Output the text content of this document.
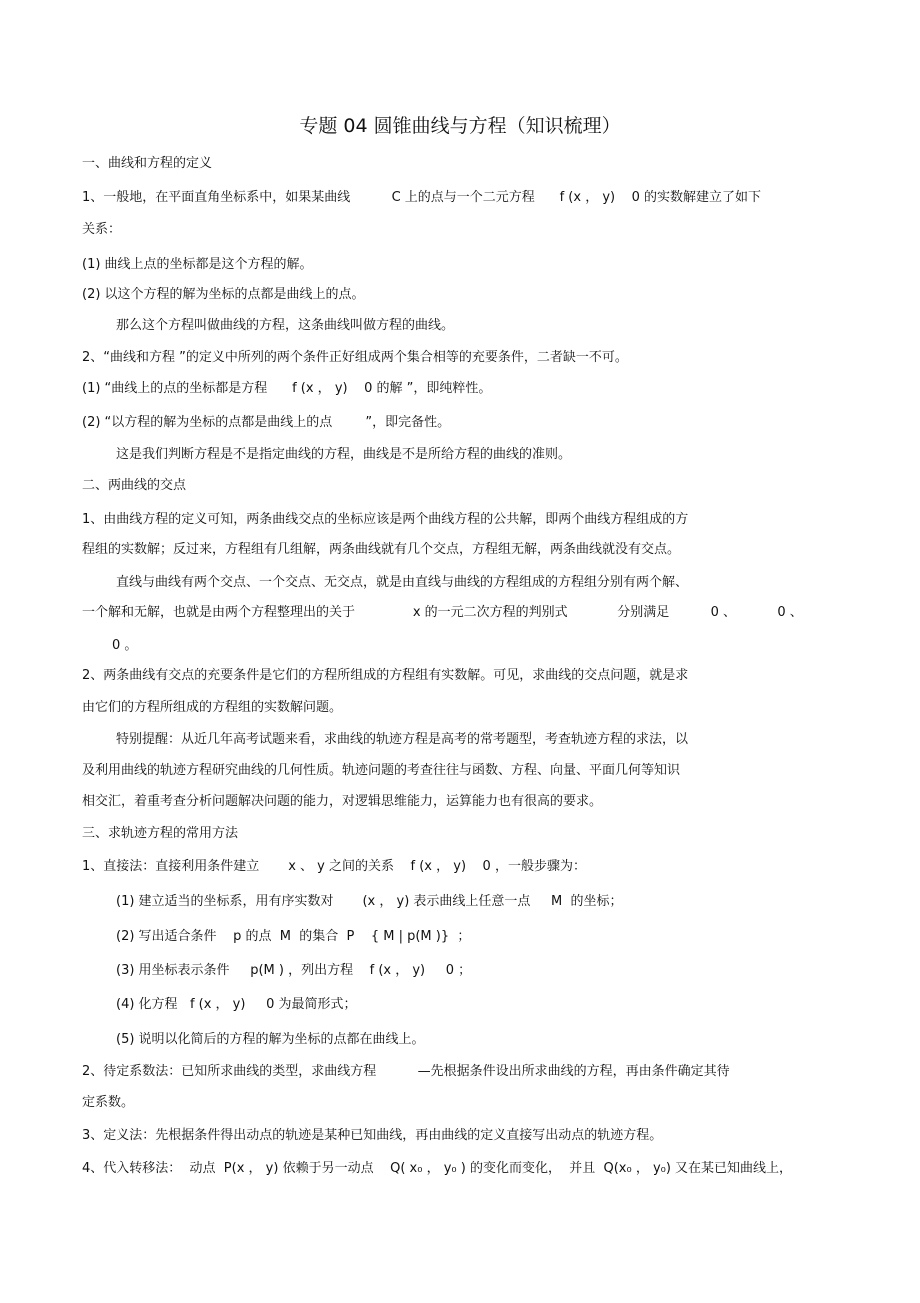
专题 04 圆锥曲线与方程（知识梳理）
一、曲线和方程的定义
1、一般地，在平面直角坐标系中，如果某曲线          C 上的点与一个二元方程      f (x ， y)    0 的实数解建立了如下
关系：
(1) 曲线上点的坐标都是这个方程的解。
(2) 以这个方程的解为坐标的点都是曲线上的点。
那么这个方程叫做曲线的方程，这条曲线叫做方程的曲线。
2、“曲线和方程 ”的定义中所列的两个条件正好组成两个集合相等的充要条件，二者缺一不可。
(1) “曲线上的点的坐标都是方程      f (x ， y)    0 的解 ”，即纯粹性。
(2) “以方程的解为坐标的点都是曲线上的点        ”，即完备性。
这是我们判断方程是不是指定曲线的方程，曲线是不是所给方程的曲线的准则。
二、两曲线的交点
1、由曲线方程的定义可知，两条曲线交点的坐标应该是两个曲线方程的公共解，即两个曲线方程组成的方
程组的实数解；反过来，方程组有几组解，两条曲线就有几个交点，方程组无解，两条曲线就没有交点。
直线与曲线有两个交点、一个交点、无交点，就是由直线与曲线的方程组成的方程组分别有两个解、
一个解和无解，也就是由两个方程整理出的关于              x 的一元二次方程的判别式            分别满足          0 、          0 、
0 。
2、两条曲线有交点的充要条件是它们的方程所组成的方程组有实数解。可见，求曲线的交点问题，就是求
由它们的方程所组成的方程组的实数解问题。
特别提醒：从近几年高考试题来看，求曲线的轨迹方程是高考的常考题型，考查轨迹方程的求法，以
及利用曲线的轨迹方程研究曲线的几何性质。轨迹问题的考查往往与函数、方程、向量、平面几何等知识
相交汇，着重考查分析问题解决问题的能力，对逻辑思维能力，运算能力也有很高的要求。
三、求轨迹方程的常用方法
1、直接法：直接利用条件建立       x 、 y 之间的关系    f (x ， y)    0 ，一般步骤为：
(1) 建立适当的坐标系，用有序实数对       (x ， y) 表示曲线上任意一点     M  的坐标；
(2) 写出适合条件    p 的点  M  的集合  P    { M | p(M )}  ；
(3) 用坐标表示条件     p(M ) ，列出方程    f (x ， y)     0 ；
(4) 化方程   f (x ， y)     0 为最简形式；
(5) 说明以化简后的方程的解为坐标的点都在曲线上。
2、待定系数法：已知所求曲线的类型，求曲线方程          —先根据条件设出所求曲线的方程，再由条件确定其待
定系数。
3、定义法：先根据条件得出动点的轨迹是某种已知曲线，再由曲线的定义直接写出动点的轨迹方程。
4、代入转移法：  动点  P(x ， y) 依赖于另一动点    Q( x₀ ， y₀ ) 的变化而变化，  并且  Q(x₀ ， y₀) 又在某已知曲线上，
